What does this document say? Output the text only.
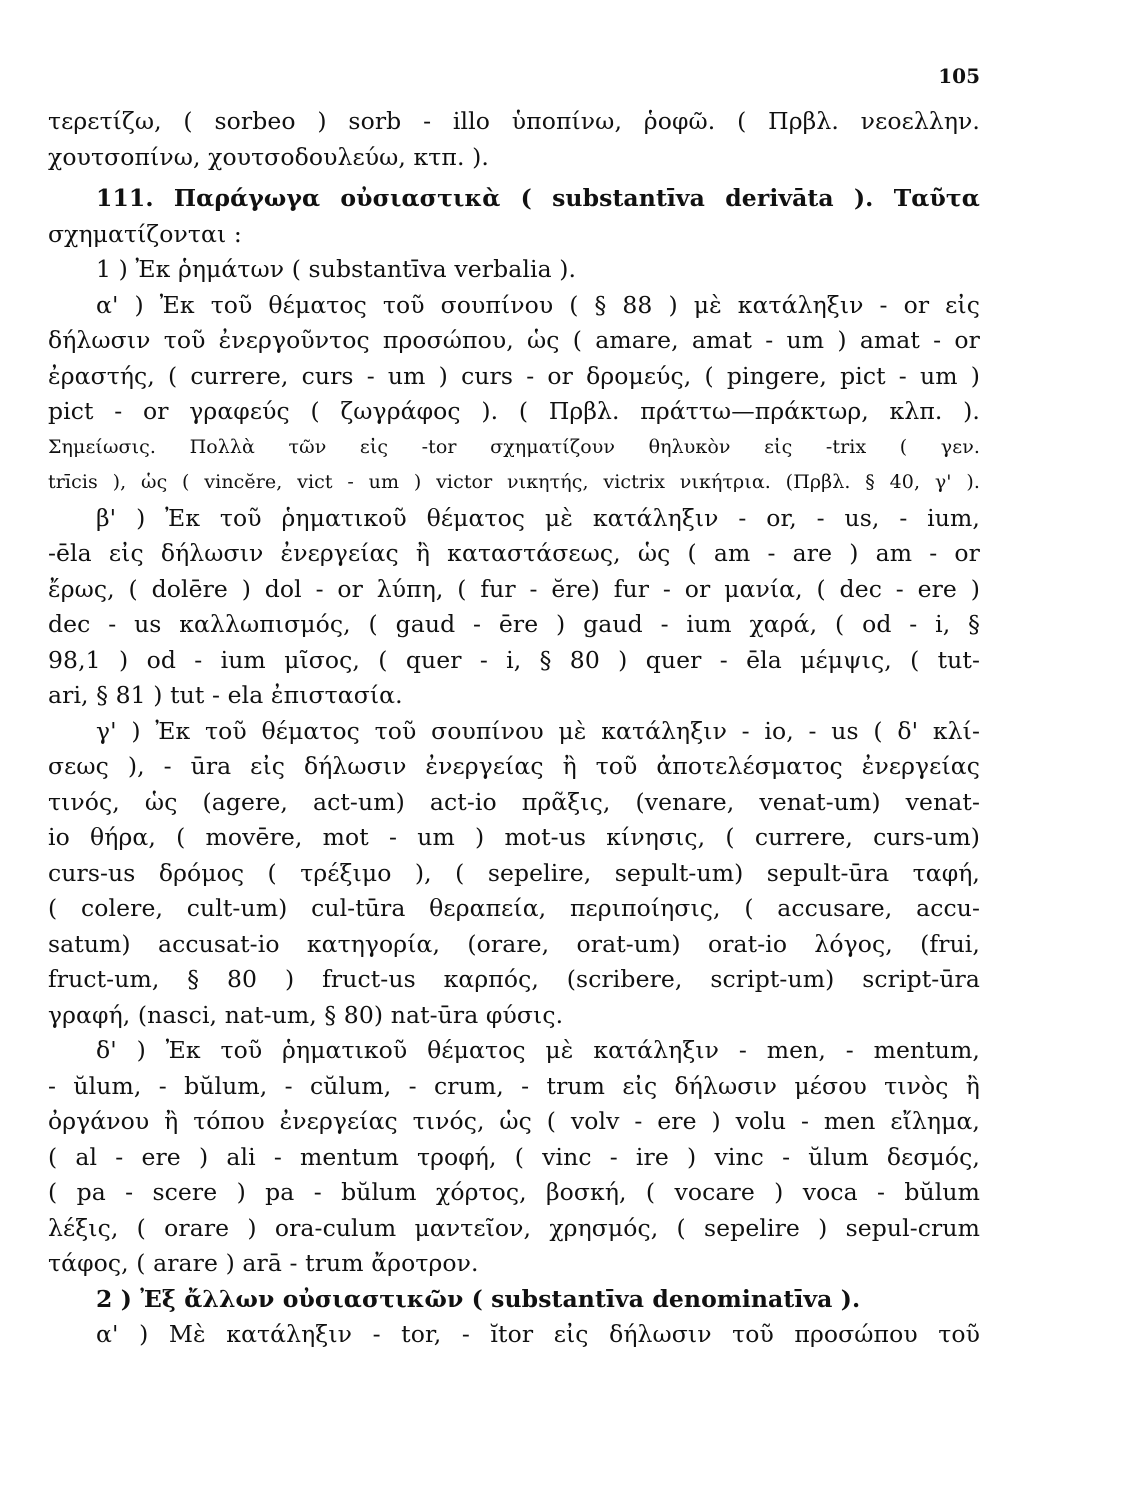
105
τερετίζω, ( sorbeo ) sorb - illo ὑποπίνω, ῥοφῶ. ( Πρβλ. νεοελλην.
χουτσοπίνω, χουτσοδουλεύω, κτπ. ).
111. Παράγωγα οὐσιαστικὰ ( substantīva derivāta ). Ταῦτα
σχηματίζονται :
1 ) Ἐκ ῥημάτων ( substantīva verbalia ).
α' ) Ἐκ τοῦ θέματος τοῦ σουπίνου ( § 88 ) μὲ κατάληξιν - or εἰς
δήλωσιν τοῦ ἐνεργοῦντος προσώπου, ὡς ( amare, amat - um ) amat - or
ἐραστής, ( currere, curs - um ) curs - or δρομεύς, ( pingere, pict - um )
pict - or γραφεύς ( ζωγράφος ). ( Πρβλ. πράττω—πράκτωρ, κλπ. ).
Σημείωσις. Πολλὰ τῶν εἰς -tor σχηματίζουν θηλυκὸν εἰς -trix ( γεν.
trīcis ), ὡς ( vincĕre, vict - um ) victor νικητής, victrix νικήτρια. (Πρβλ. § 40, γ' ).
β' ) Ἐκ τοῦ ῥηματικοῦ θέματος μὲ κατάληξιν - or, - us, - ium,
-ēla εἰς δήλωσιν ἐνεργείας ἢ καταστάσεως, ὡς ( am - are ) am - or
ἔρως, ( dolēre ) dol - or λύπη, ( fur - ĕre) fur - or μανία, ( dec - ere )
dec - us καλλωπισμός, ( gaud - ēre ) gaud - ium χαρά, ( od - i, §
98,1 ) od - ium μῖσος, ( quer - i, § 80 ) quer - ēla μέμψις, ( tut-
ari, § 81 ) tut - ela ἐπιστασία.
γ' ) Ἐκ τοῦ θέματος τοῦ σουπίνου μὲ κατάληξιν - io, - us ( δ' κλί-
σεως ), - ūra εἰς δήλωσιν ἐνεργείας ἢ τοῦ ἀποτελέσματος ἐνεργείας
τινός, ὡς (agere, act-um) act-io πρᾶξις, (venare, venat-um) venat-
io θήρα, ( movēre, mot - um ) mot-us κίνησις, ( currere, curs-um)
curs-us δρόμος ( τρέξιμο ), ( sepelire, sepult-um) sepult-ūra ταφή,
( colere, cult-um) cul-tūra θεραπεία, περιποίησις, ( accusare, accu-
satum) accusat-io κατηγορία, (orare, orat-um) orat-io λόγος, (frui,
fruct-um, § 80 ) fruct-us καρπός, (scribere, script-um) script-ūra
γραφή, (nasci, nat-um, § 80) nat-ūra φύσις.
δ' ) Ἐκ τοῦ ῥηματικοῦ θέματος μὲ κατάληξιν - men, - mentum,
- ŭlum, - bŭlum, - cŭlum, - crum, - trum εἰς δήλωσιν μέσου τινὸς ἢ
ὀργάνου ἢ τόπου ἐνεργείας τινός, ὡς ( volv - ere ) volu - men εἴλημα,
( al - ere ) ali - mentum τροφή, ( vinc - ire ) vinc - ŭlum δεσμός,
( pa - scere ) pa - bŭlum χόρτος, βοσκή, ( vocare ) voca - bŭlum
λέξις, ( orare ) ora-culum μαντεῖον, χρησμός, ( sepelire ) sepul-crum
τάφος, ( arare ) arā - trum ἄροτρον.
2 ) Ἐξ ἄλλων οὐσιαστικῶν ( substantīva denominatīva ).
α' ) Μὲ κατάληξιν - tor, - ĭtor εἰς δήλωσιν τοῦ προσώπου τοῦ
